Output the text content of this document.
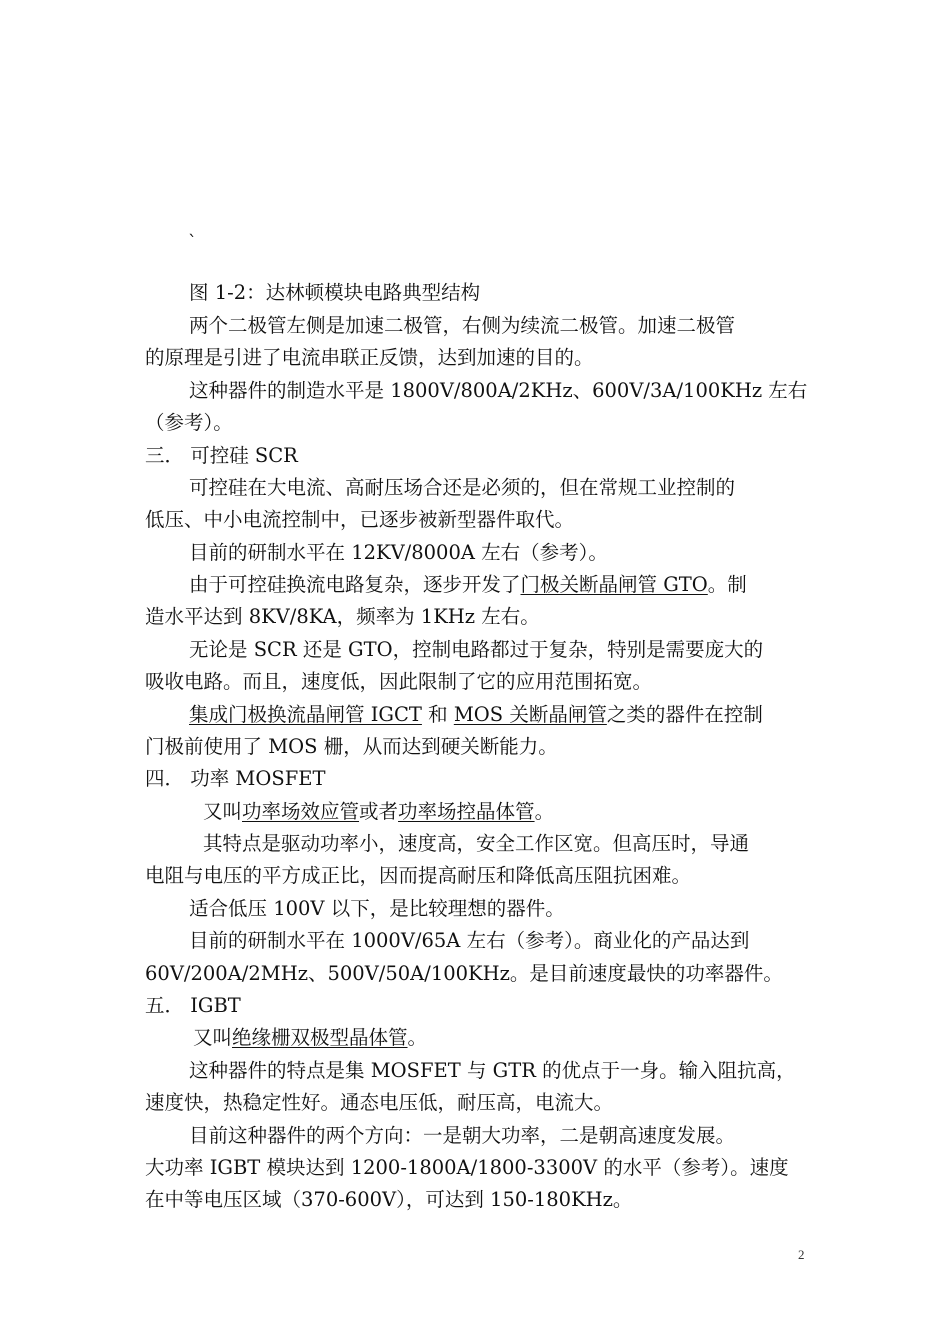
`
图 1-2：达林顿模块电路典型结构
两个二极管左侧是加速二极管，右侧为续流二极管。加速二极管
的原理是引进了电流串联正反馈，达到加速的目的。
这种器件的制造水平是 1800V/800A/2KHz、600V/3A/100KHz 左右
（参考）。
三． 可控硅 SCR
可控硅在大电流、高耐压场合还是必须的，但在常规工业控制的
低压、中小电流控制中，已逐步被新型器件取代。
目前的研制水平在 12KV/8000A 左右（参考）。
由于可控硅换流电路复杂，逐步开发了门极关断晶闸管 GTO。制
造水平达到 8KV/8KA，频率为 1KHz 左右。
无论是 SCR 还是 GTO，控制电路都过于复杂，特别是需要庞大的
吸收电路。而且，速度低，因此限制了它的应用范围拓宽。
集成门极换流晶闸管 IGCT 和 MOS 关断晶闸管之类的器件在控制
门极前使用了 MOS 栅，从而达到硬关断能力。
四． 功率 MOSFET
又叫功率场效应管或者功率场控晶体管。
其特点是驱动功率小，速度高，安全工作区宽。但高压时，导通
电阻与电压的平方成正比，因而提高耐压和降低高压阻抗困难。
适合低压 100V 以下，是比较理想的器件。
目前的研制水平在 1000V/65A 左右（参考）。商业化的产品达到
60V/200A/2MHz、500V/50A/100KHz。是目前速度最快的功率器件。
五． IGBT
又叫绝缘栅双极型晶体管。
这种器件的特点是集 MOSFET 与 GTR 的优点于一身。输入阻抗高，
速度快，热稳定性好。通态电压低，耐压高，电流大。
目前这种器件的两个方向：一是朝大功率，二是朝高速度发展。
大功率 IGBT 模块达到 1200-1800A/1800-3300V 的水平（参考）。速度
在中等电压区域（370-600V），可达到 150-180KHz。
2
